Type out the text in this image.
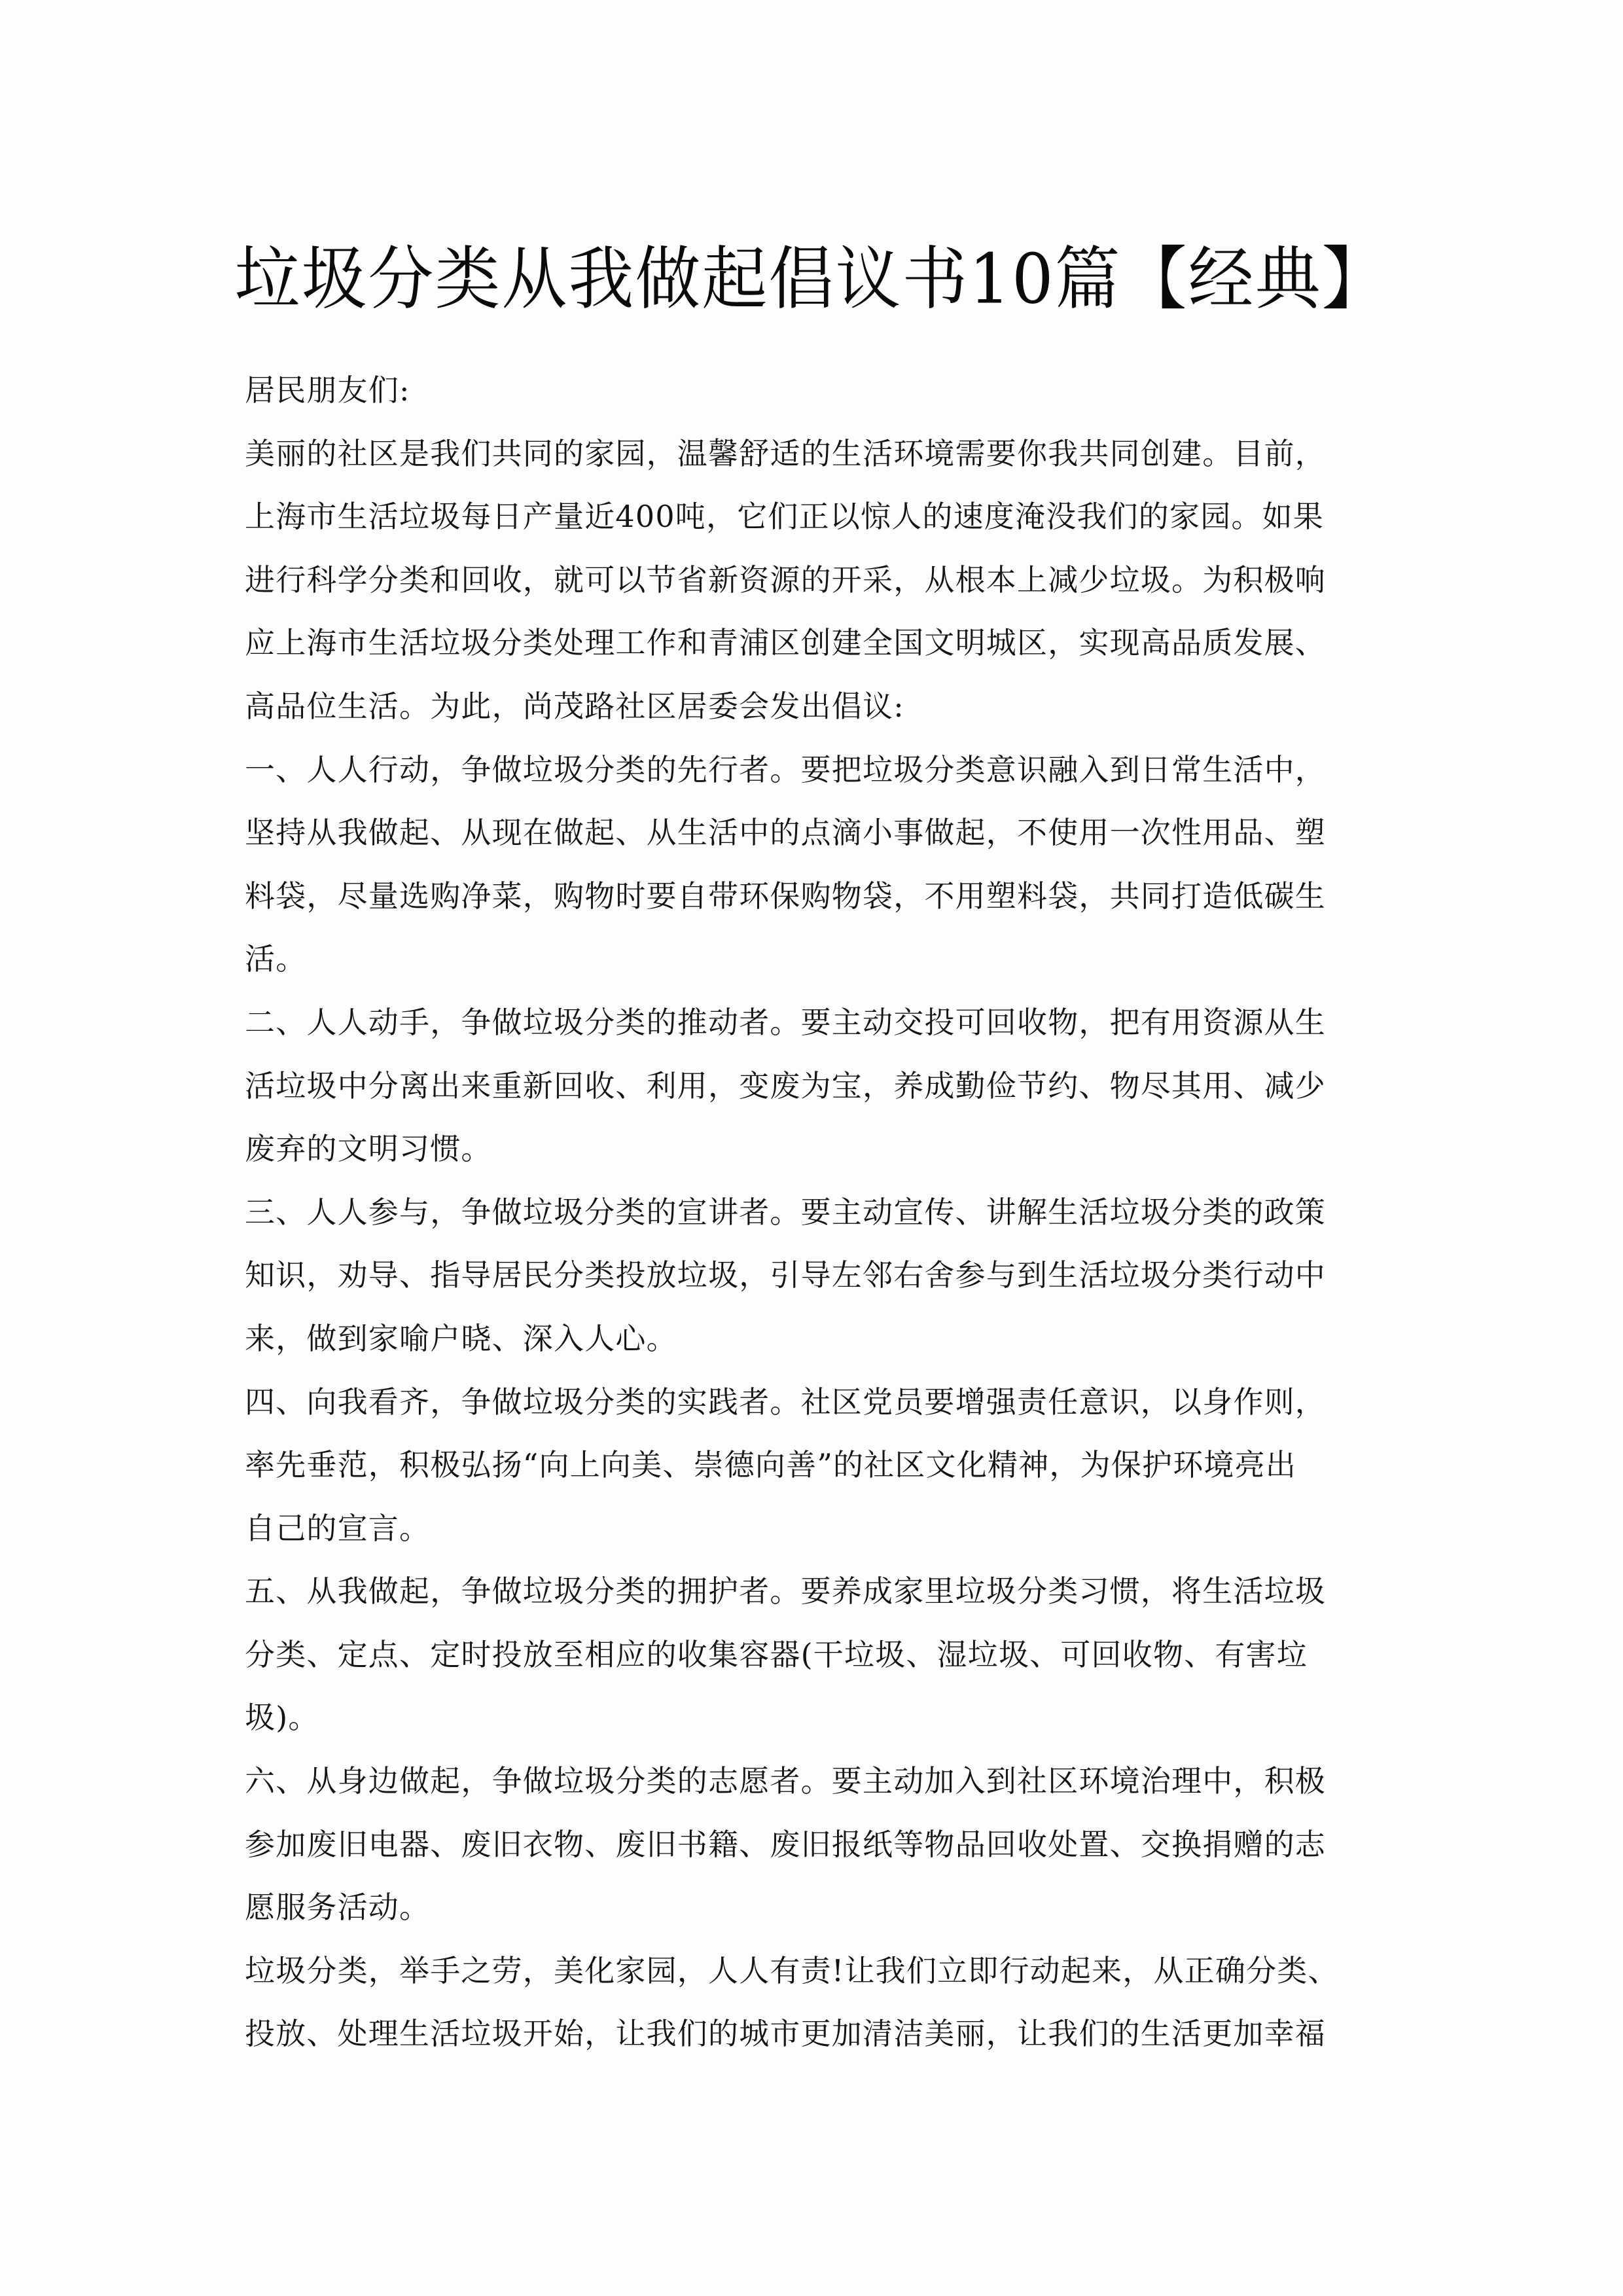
垃圾分类从我做起倡议书10篇【经典】
居民朋友们:
美丽的社区是我们共同的家园，温馨舒适的生活环境需要你我共同创建。目前，
上海市生活垃圾每日产量近400吨，它们正以惊人的速度淹没我们的家园。如果
进行科学分类和回收，就可以节省新资源的开采，从根本上减少垃圾。为积极响
应上海市生活垃圾分类处理工作和青浦区创建全国文明城区，实现高品质发展、
高品位生活。为此，尚茂路社区居委会发出倡议:
一、人人行动，争做垃圾分类的先行者。要把垃圾分类意识融入到日常生活中，
坚持从我做起、从现在做起、从生活中的点滴小事做起，不使用一次性用品、塑
料袋，尽量选购净菜，购物时要自带环保购物袋，不用塑料袋，共同打造低碳生
活。
二、人人动手，争做垃圾分类的推动者。要主动交投可回收物，把有用资源从生
活垃圾中分离出来重新回收、利用，变废为宝，养成勤俭节约、物尽其用、减少
废弃的文明习惯。
三、人人参与，争做垃圾分类的宣讲者。要主动宣传、讲解生活垃圾分类的政策
知识，劝导、指导居民分类投放垃圾，引导左邻右舍参与到生活垃圾分类行动中
来，做到家喻户晓、深入人心。
四、向我看齐，争做垃圾分类的实践者。社区党员要增强责任意识，以身作则，
率先垂范，积极弘扬“向上向美、崇德向善”的社区文化精神，为保护环境亮出
自己的宣言。
五、从我做起，争做垃圾分类的拥护者。要养成家里垃圾分类习惯，将生活垃圾
分类、定点、定时投放至相应的收集容器(干垃圾、湿垃圾、可回收物、有害垃
圾)。
六、从身边做起，争做垃圾分类的志愿者。要主动加入到社区环境治理中，积极
参加废旧电器、废旧衣物、废旧书籍、废旧报纸等物品回收处置、交换捐赠的志
愿服务活动。
垃圾分类，举手之劳，美化家园，人人有责!让我们立即行动起来，从正确分类、
投放、处理生活垃圾开始，让我们的城市更加清洁美丽，让我们的生活更加幸福
